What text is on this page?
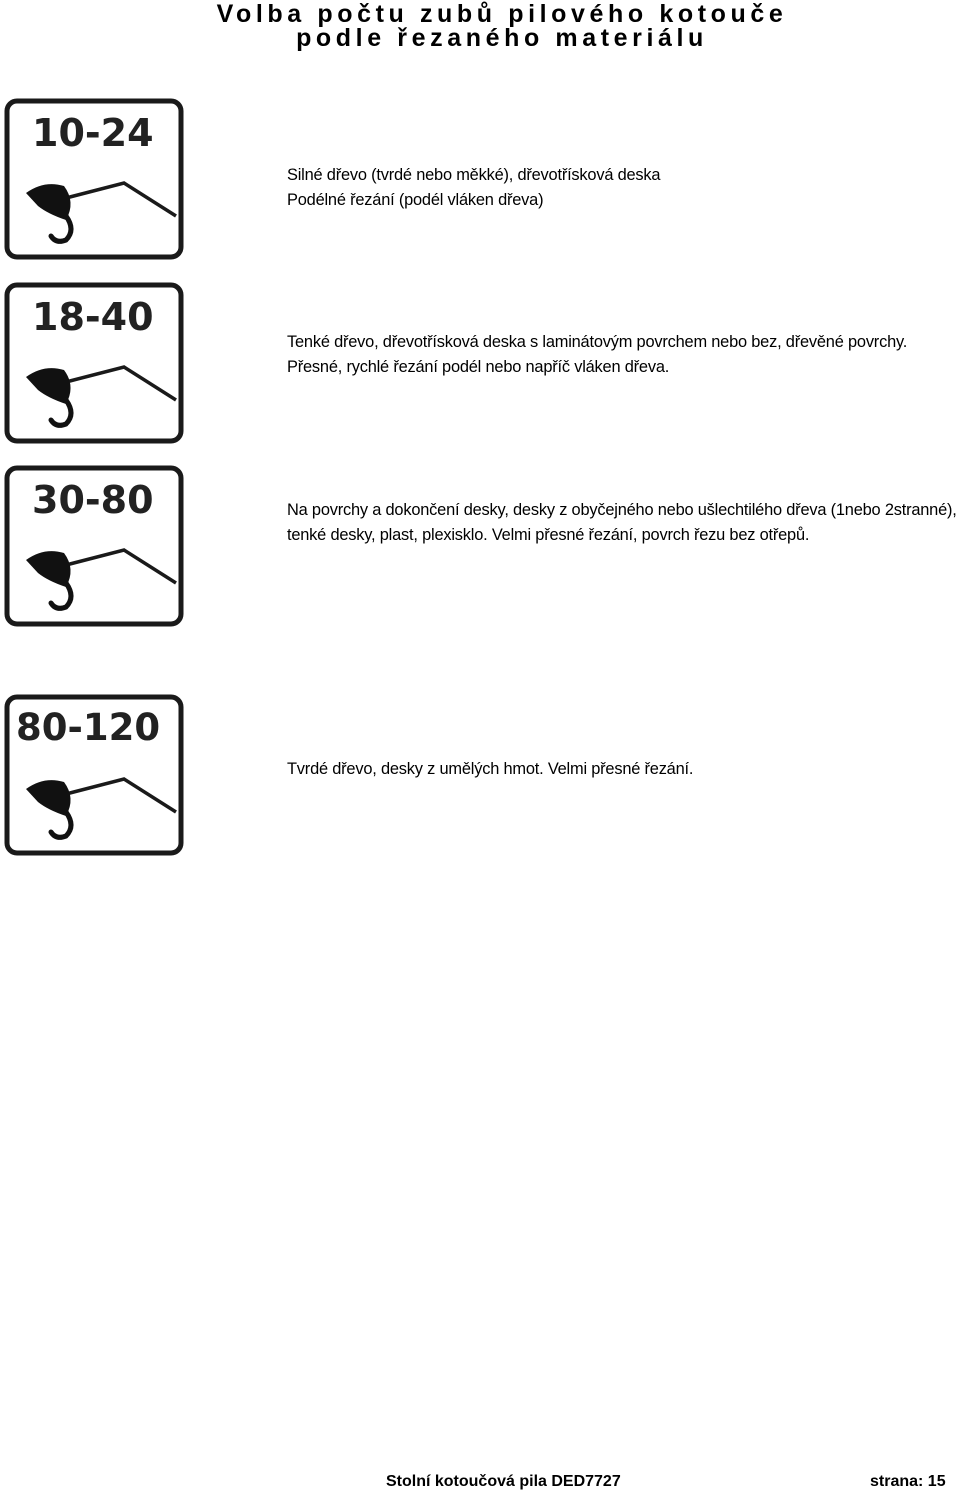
Volba počtu zubů pilového kotouče
podle řezaného materiálu
10-24
Silné dřevo (tvrdé nebo měkké), dřevotřísková deska
Podélné řezání (podél vláken dřeva)
18-40
Tenké dřevo, dřevotřísková deska s laminátovým povrchem nebo bez, dřevěné povrchy.
Přesné, rychlé řezání podél nebo napříč vláken dřeva.
30-80	Na povrchy a dokončení desky, desky z obyčejného nebo ušlechtilého dřeva (1nebo 2stranné),
tenké desky, plast, plexisklo. Velmi přesné řezání, povrch řezu bez otřepů.
80-120
Tvrdé dřevo, desky z umělých hmot. Velmi přesné řezání.
Stolní kotoučová pila DED7727	strana: 15
